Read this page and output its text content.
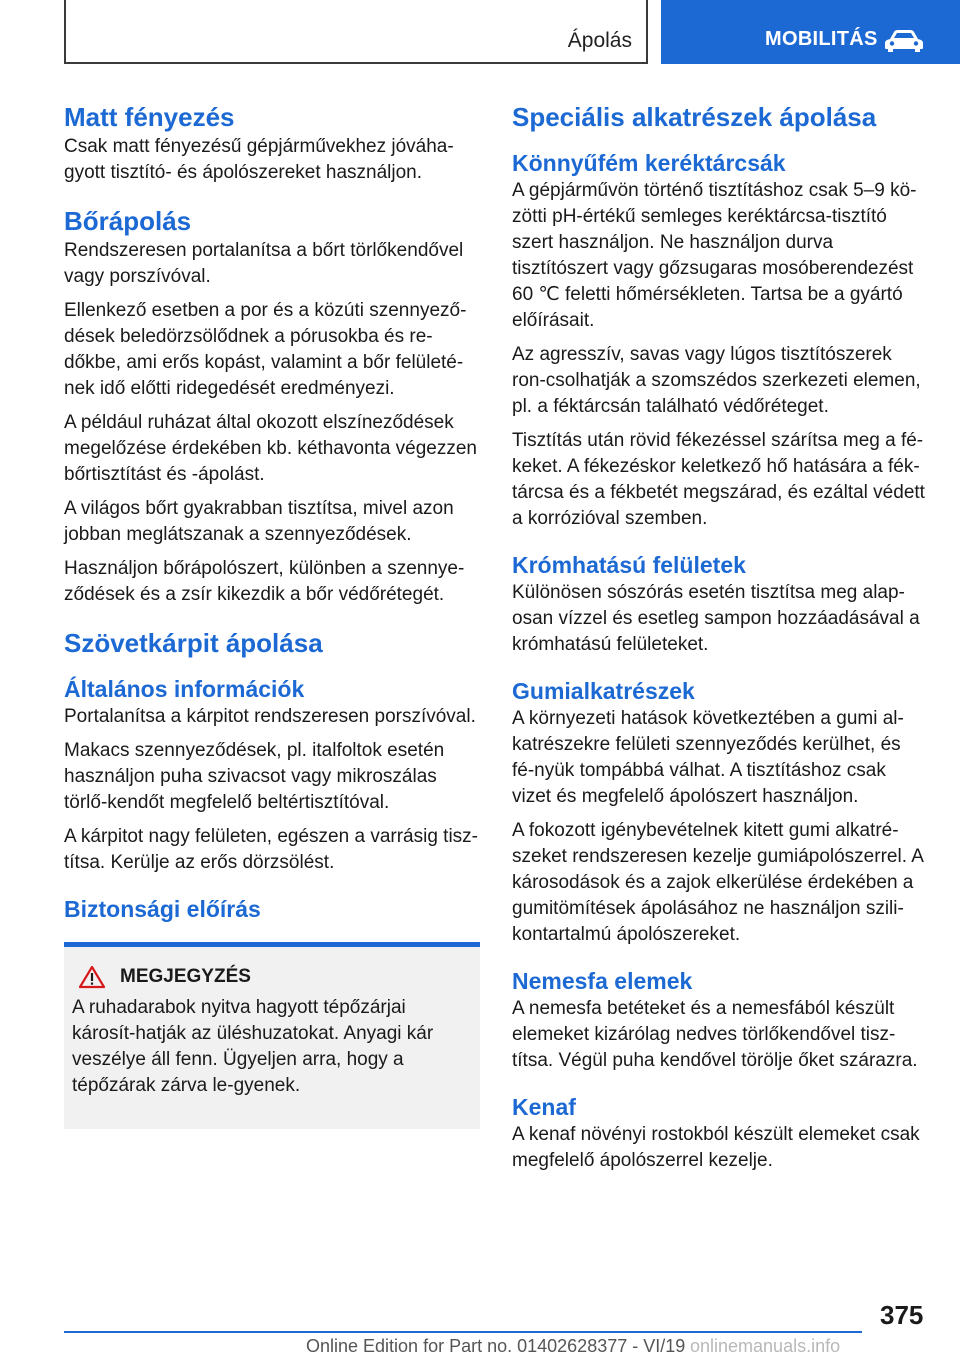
Ápolás	MOBILITÁS
Matt fényezés

Csak matt fényezésű gépjárművekhez jóváha-gyott tisztító- és ápolószereket használjon.

Bőrápolás

Rendszeresen portalanítsa a bőrt törlőkendővel vagy porszívóval.

Ellenkező esetben a por és a közúti szennyező-dések beledörzsölődnek a pórusokba és re-dőkbe, ami erős kopást, valamint a bőr felületé-nek idő előtti ridegedését eredményezi.

A például ruházat által okozott elszíneződések megelőzése érdekében kb. kéthavonta végezzen bőrtisztítást és -ápolást.

A világos bőrt gyakrabban tisztítsa, mivel azon jobban meglátszanak a szennyeződések.

Használjon bőrápolószert, különben a szennye-ződések és a zsír kikezdik a bőr védőrétegét.

Szövetkárpit ápolása
Általános információk

Portalanítsa a kárpitot rendszeresen porszívóval.

Makacs szennyeződések, pl. italfoltok esetén használjon puha szivacsot vagy mikroszálas törlő-kendőt megfelelő beltértisztítóval.

A kárpitot nagy felületen, egészen a varrásig tisz-títsa. Kerülje az erős dörzsölést.

Biztonsági előírás
MEGJEGYZÉS

A ruhadarabok nyitva hagyott tépőzárjai károsít-hatják az üléshuzatokat. Anyagi kár veszélye áll fenn. Ügyeljen arra, hogy a tépőzárak zárva le-gyenek.

Speciális alkatrészek ápolása
Könnyűfém keréktárcsák

A gépjárművön történő tisztításhoz csak 5–9 kö-zötti pH-értékű semleges keréktárcsa-tisztító szert használjon. Ne használjon durva tisztítószert vagy gőzsugaras mosóberendezést 60 ℃ feletti hőmérsékleten. Tartsa be a gyártó előírásait.

Az agresszív, savas vagy lúgos tisztítószerek ron-csolhatják a szomszédos szerkezeti elemen, pl. a féktárcsán található védőréteget.

Tisztítás után rövid fékezéssel szárítsa meg a fé-keket. A fékezéskor keletkező hő hatására a fék-tárcsa és a fékbetét megszárad, és ezáltal védett a korrózióval szemben.

Krómhatású felületek

Különösen sószórás esetén tisztítsa meg alap-osan vízzel és esetleg sampon hozzáadásával a krómhatású felületeket.

Gumialkatrészek

A környezeti hatások következtében a gumi al-katrészekre felületi szennyeződés kerülhet, és fé-nyük tompábbá válhat. A tisztításhoz csak vizet és megfelelő ápolószert használjon.

A fokozott igénybevételnek kitett gumi alkatré-szeket rendszeresen kezelje gumiápolószerrel. A károsodások és a zajok elkerülése érdekében a gumitömítések ápolásához ne használjon szili-kontartalmú ápolószereket.

Nemesfa elemek

A nemesfa betéteket és a nemesfából készült elemeket kizárólag nedves törlőkendővel tisz-títsa. Végül puha kendővel törölje őket szárazra.

Kenaf

A kenaf növényi rostokból készült elemeket csak megfelelő ápolószerrel kezelje.

375
Online Edition for Part no. 01402628377 - VI/19 onlinemanuals.info
